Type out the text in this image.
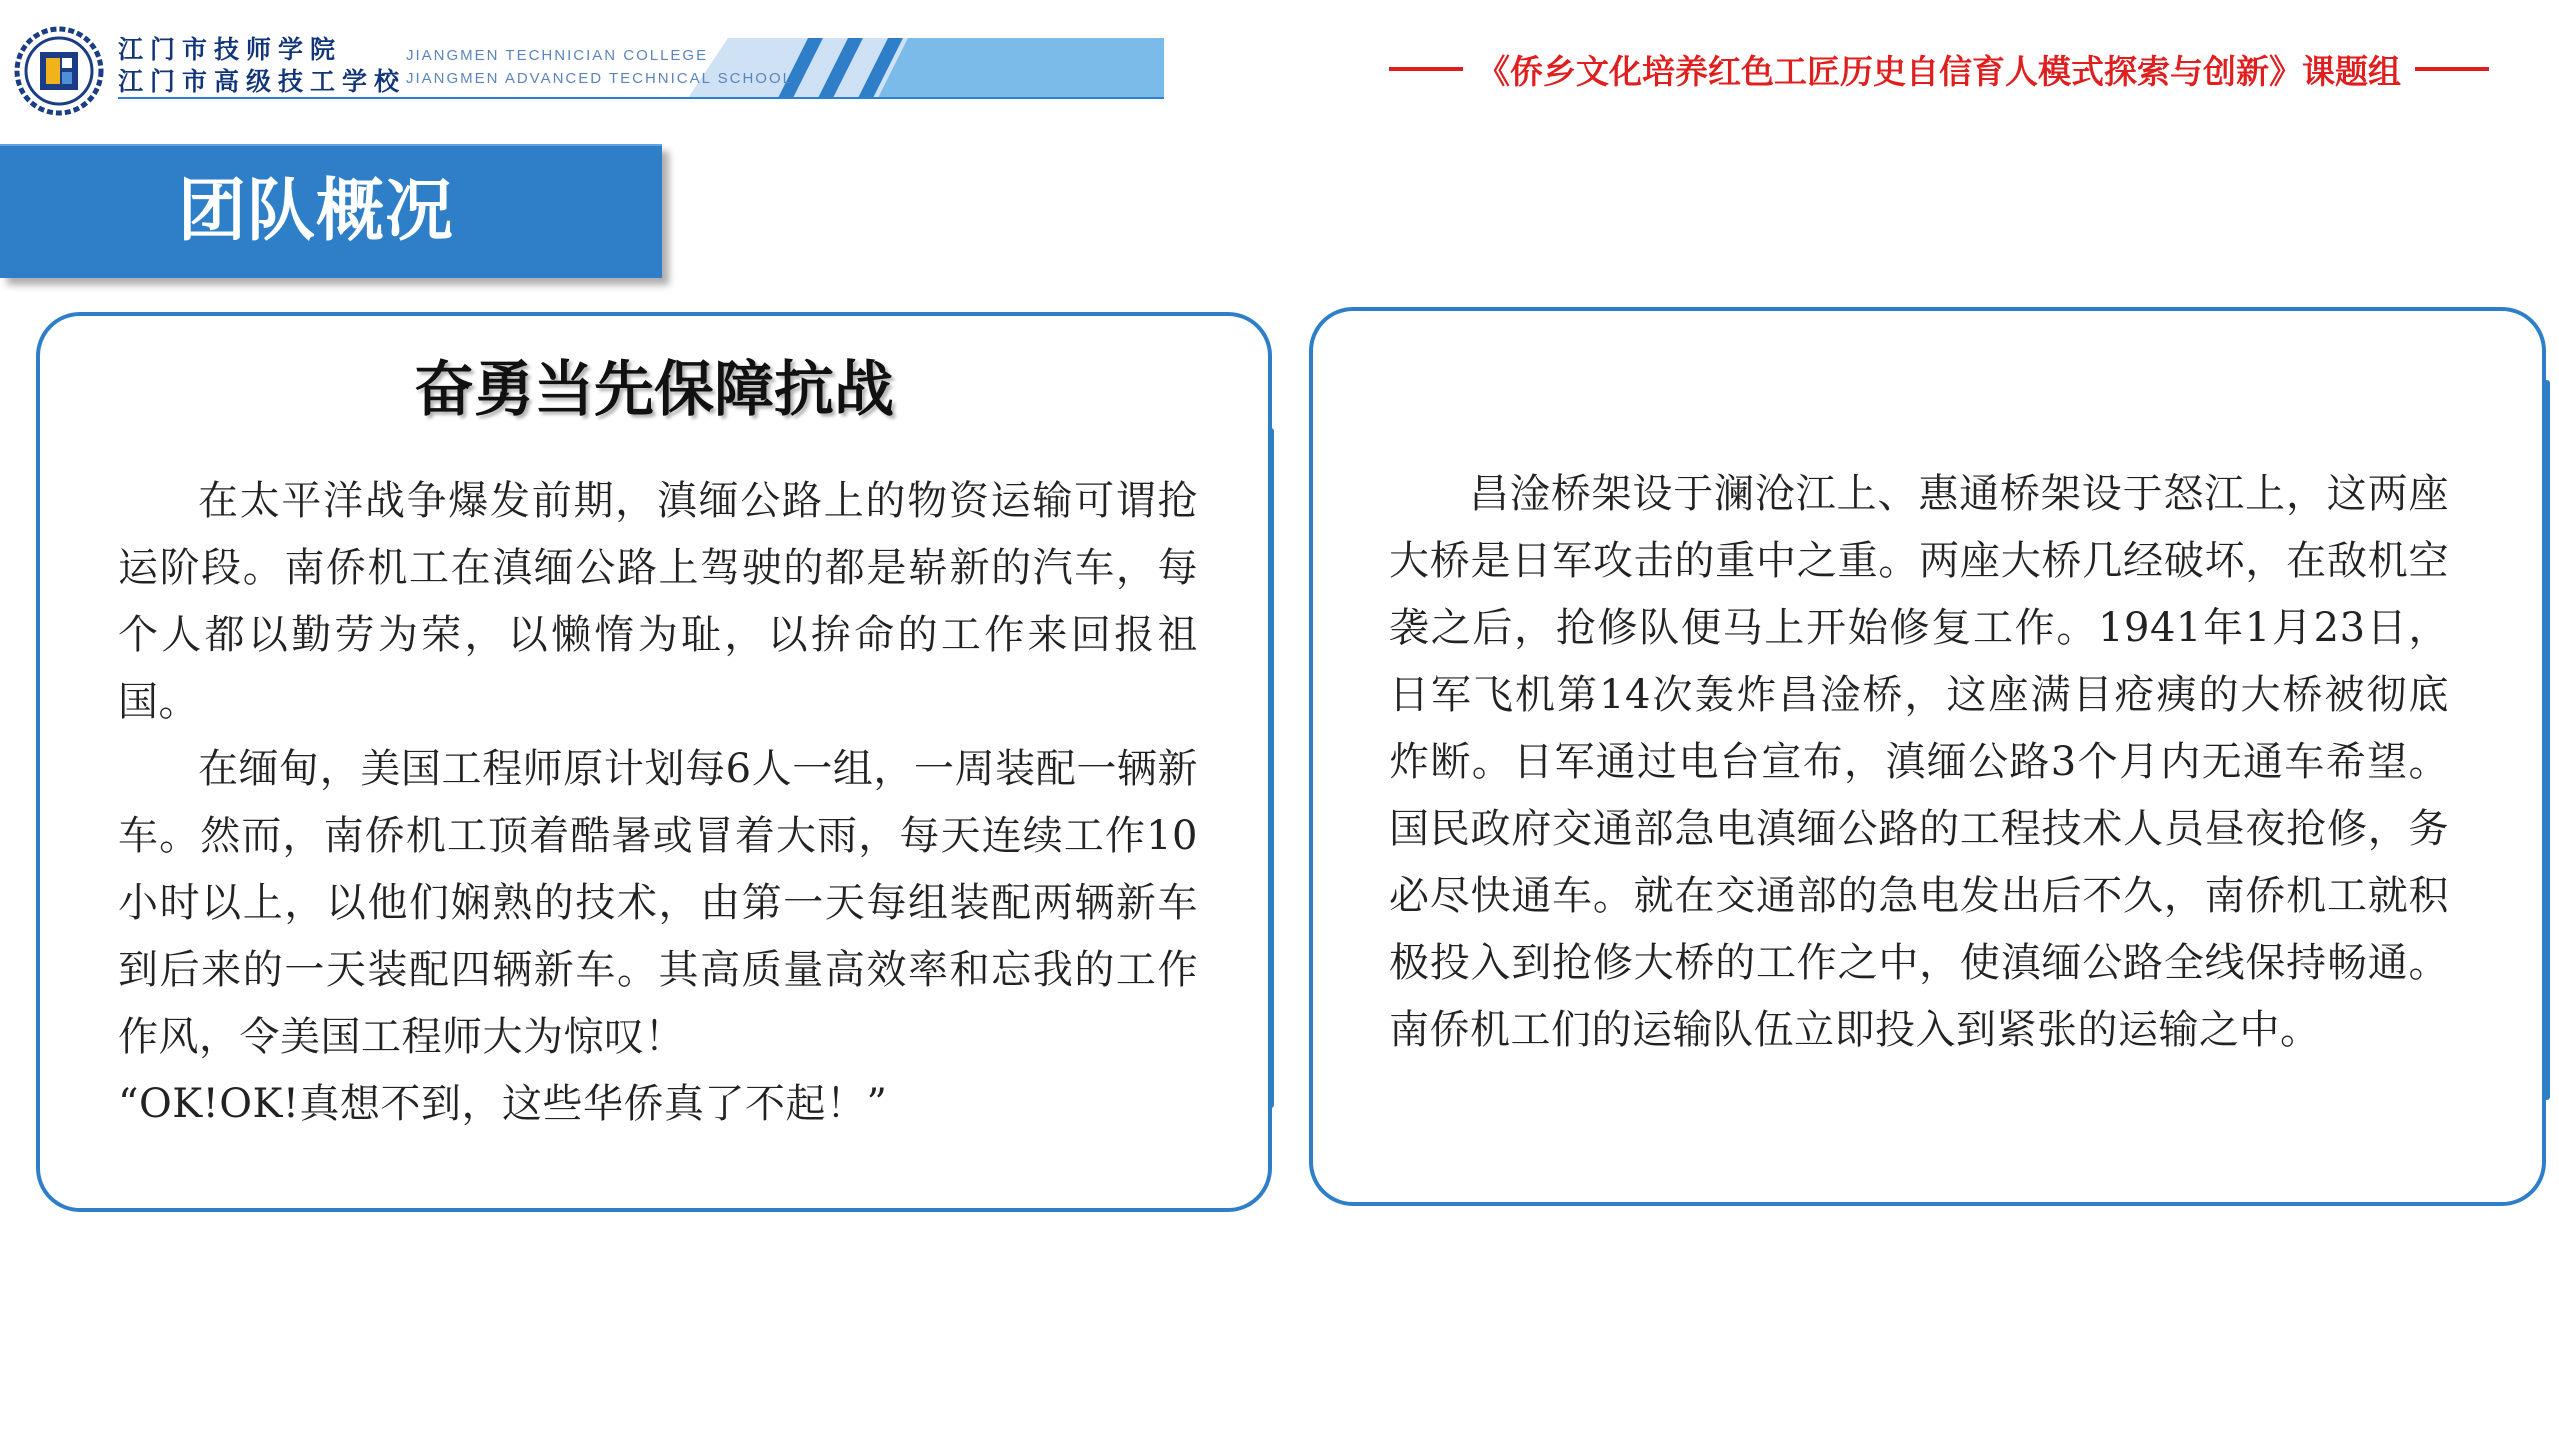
江门市技师学院
江门市高级技工学校
JIANGMEN TECHNICIAN COLLEGE
JIANGMEN ADVANCED TECHNICAL SCHOOL	《侨乡文化培养红色工匠历史自信育人模式探索与创新》课题组
团队概况
奋勇当先保障抗战

在太平洋战争爆发前期，滇缅公路上的物资运输可谓抢运阶段。南侨机工在滇缅公路上驾驶的都是崭新的汽车，每个人都以勤劳为荣，以懒惰为耻，以拚命的工作来回报祖国。

在缅甸，美国工程师原计划每6人一组，一周装配一辆新车。然而，南侨机工顶着酷暑或冒着大雨，每天连续工作10小时以上，以他们娴熟的技术，由第一天每组装配两辆新车到后来的一天装配四辆新车。其高质量高效率和忘我的工作作风，令美国工程师大为惊叹！

“OK!OK!真想不到，这些华侨真了不起！”

昌淦桥架设于澜沧江上、惠通桥架设于怒江上，这两座大桥是日军攻击的重中之重。两座大桥几经破坏，在敌机空袭之后，抢修队便马上开始修复工作。1941年1月23日，日军飞机第14次轰炸昌淦桥，这座满目疮痍的大桥被彻底炸断。日军通过电台宣布，滇缅公路3个月内无通车希望。国民政府交通部急电滇缅公路的工程技术人员昼夜抢修，务必尽快通车。就在交通部的急电发出后不久，南侨机工就积极投入到抢修大桥的工作之中，使滇缅公路全线保持畅通。南侨机工们的运输队伍立即投入到紧张的运输之中。
